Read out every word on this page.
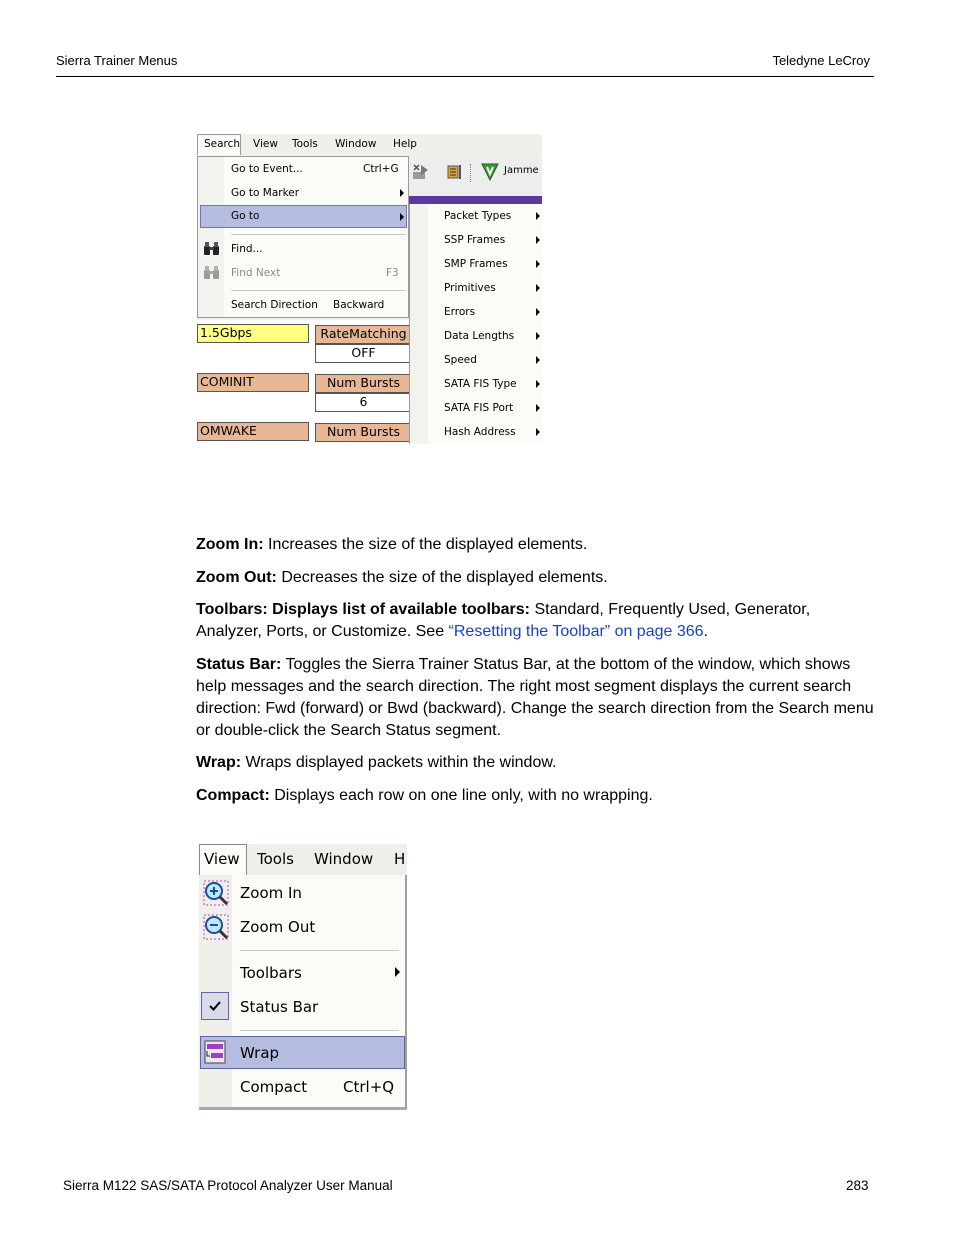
Sierra Trainer Menus	Teledyne LeCroy
Search View Tools Window Help
Jamme
1.5Gbps	RateMatching
OFF
COMINIT	Num Bursts
6
OMWAKE	Num Bursts
Go to Event...	Ctrl+G
Go to Marker
Go to
Find...
Find Next	F3
Search Direction Backward
Packet Types
SSP Frames
SMP Frames
Primitives
Errors
Data Lengths
Speed
SATA FIS Type
SATA FIS Port
Hash Address
Zoom In: Increases the size of the displayed elements.
Zoom Out: Decreases the size of the displayed elements.
Toolbars: Displays list of available toolbars: Standard, Frequently Used, Generator, Analyzer, Ports, or Customize. See “Resetting the Toolbar” on page 366.
Status Bar: Toggles the Sierra Trainer Status Bar, at the bottom of the window, which shows help messages and the search direction. The right most segment displays the current search direction: Fwd (forward) or Bwd (backward). Change the search direction from the Search menu or double-click the Search Status segment.
Wrap: Wraps displayed packets within the window.
Compact: Displays each row on one line only, with no wrapping.
View Tools Window H
Zoom In
Zoom Out
Toolbars
Status Bar
Wrap
Compact Ctrl+Q
Sierra M122 SAS/SATA Protocol Analyzer User Manual	283
